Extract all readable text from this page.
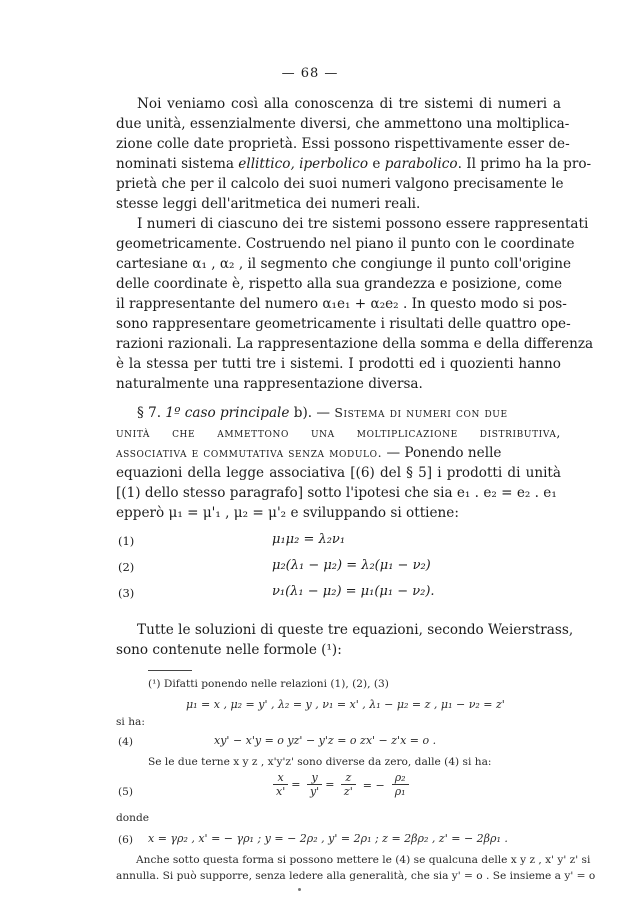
— 68 —
Noi veniamo così alla conoscenza di tre sistemi di numeri a
due unità, essenzialmente diversi, che ammettono una moltiplica-
zione colle date proprietà. Essi possono rispettivamente esser de-
nominati sistema ellittico, iperbolico e parabolico. Il primo ha la pro-
prietà che per il calcolo dei suoi numeri valgono precisamente le
stesse leggi dell'aritmetica dei numeri reali.
I numeri di ciascuno dei tre sistemi possono essere rappresentati
geometricamente. Costruendo nel piano il punto con le coordinate
cartesiane α₁ , α₂ , il segmento che congiunge il punto coll'origine
delle coordinate è, rispetto alla sua grandezza e posizione, come
il rappresentante del numero α₁e₁ + α₂e₂ . In questo modo si pos-
sono rappresentare geometricamente i risultati delle quattro ope-
razioni razionali. La rappresentazione della somma e della differenza
è la stessa per tutti tre i sistemi. I prodotti ed i quozienti hanno
naturalmente una rappresentazione diversa.
§ 7. 1º caso principale b). — Sistema di numeri con due
unità che ammettono una moltiplicazione distributiva,
associativa e commutativa senza modulo. — Ponendo nelle
equazioni della legge associativa [(6) del § 5] i prodotti di unità
[(1) dello stesso paragrafo] sotto l'ipotesi che sia e₁ . e₂ = e₂ . e₁
epperò μ₁ = μ'₁ , μ₂ = μ'₂ e sviluppando si ottiene:
(1)	μ₁μ₂ = λ₂ν₁
(2)	μ₂(λ₁ − μ₂) = λ₂(μ₁ − ν₂)
(3)	ν₁(λ₁ − μ₂) = μ₁(μ₁ − ν₂).
Tutte le soluzioni di queste tre equazioni, secondo Weierstrass,
sono contenute nelle formole (¹):
(¹) Difatti ponendo nelle relazioni (1), (2), (3)
μ₁ = x , μ₂ = y' , λ₂ = y , ν₁ = x' , λ₁ − μ₂ = z , μ₁ − ν₂ = z'
si ha:
(4)	xy' − x'y = o yz' − y'z = o zx' − z'x = o .
Se le due terne x y z , x'y'z' sono diverse da zero, dalle (4) si ha:
(5)	$\frac{x}{x'} = \frac{y}{y'} = \frac{z}{z'}$ = − $\frac{\text{ρ₂}}{\text{ρ₁}}$
donde
(6) x = γρ₂ , x' = − γρ₁ ; y = − 2ρ₂ , y' = 2ρ₁ ; z = 2βρ₂ , z' = − 2βρ₁ .
Anche sotto questa forma si possono mettere le (4) se qualcuna delle x y z , x' y' z' si
annulla. Si può supporre, senza ledere alla generalità, che sia y' = o . Se insieme a y' = o
